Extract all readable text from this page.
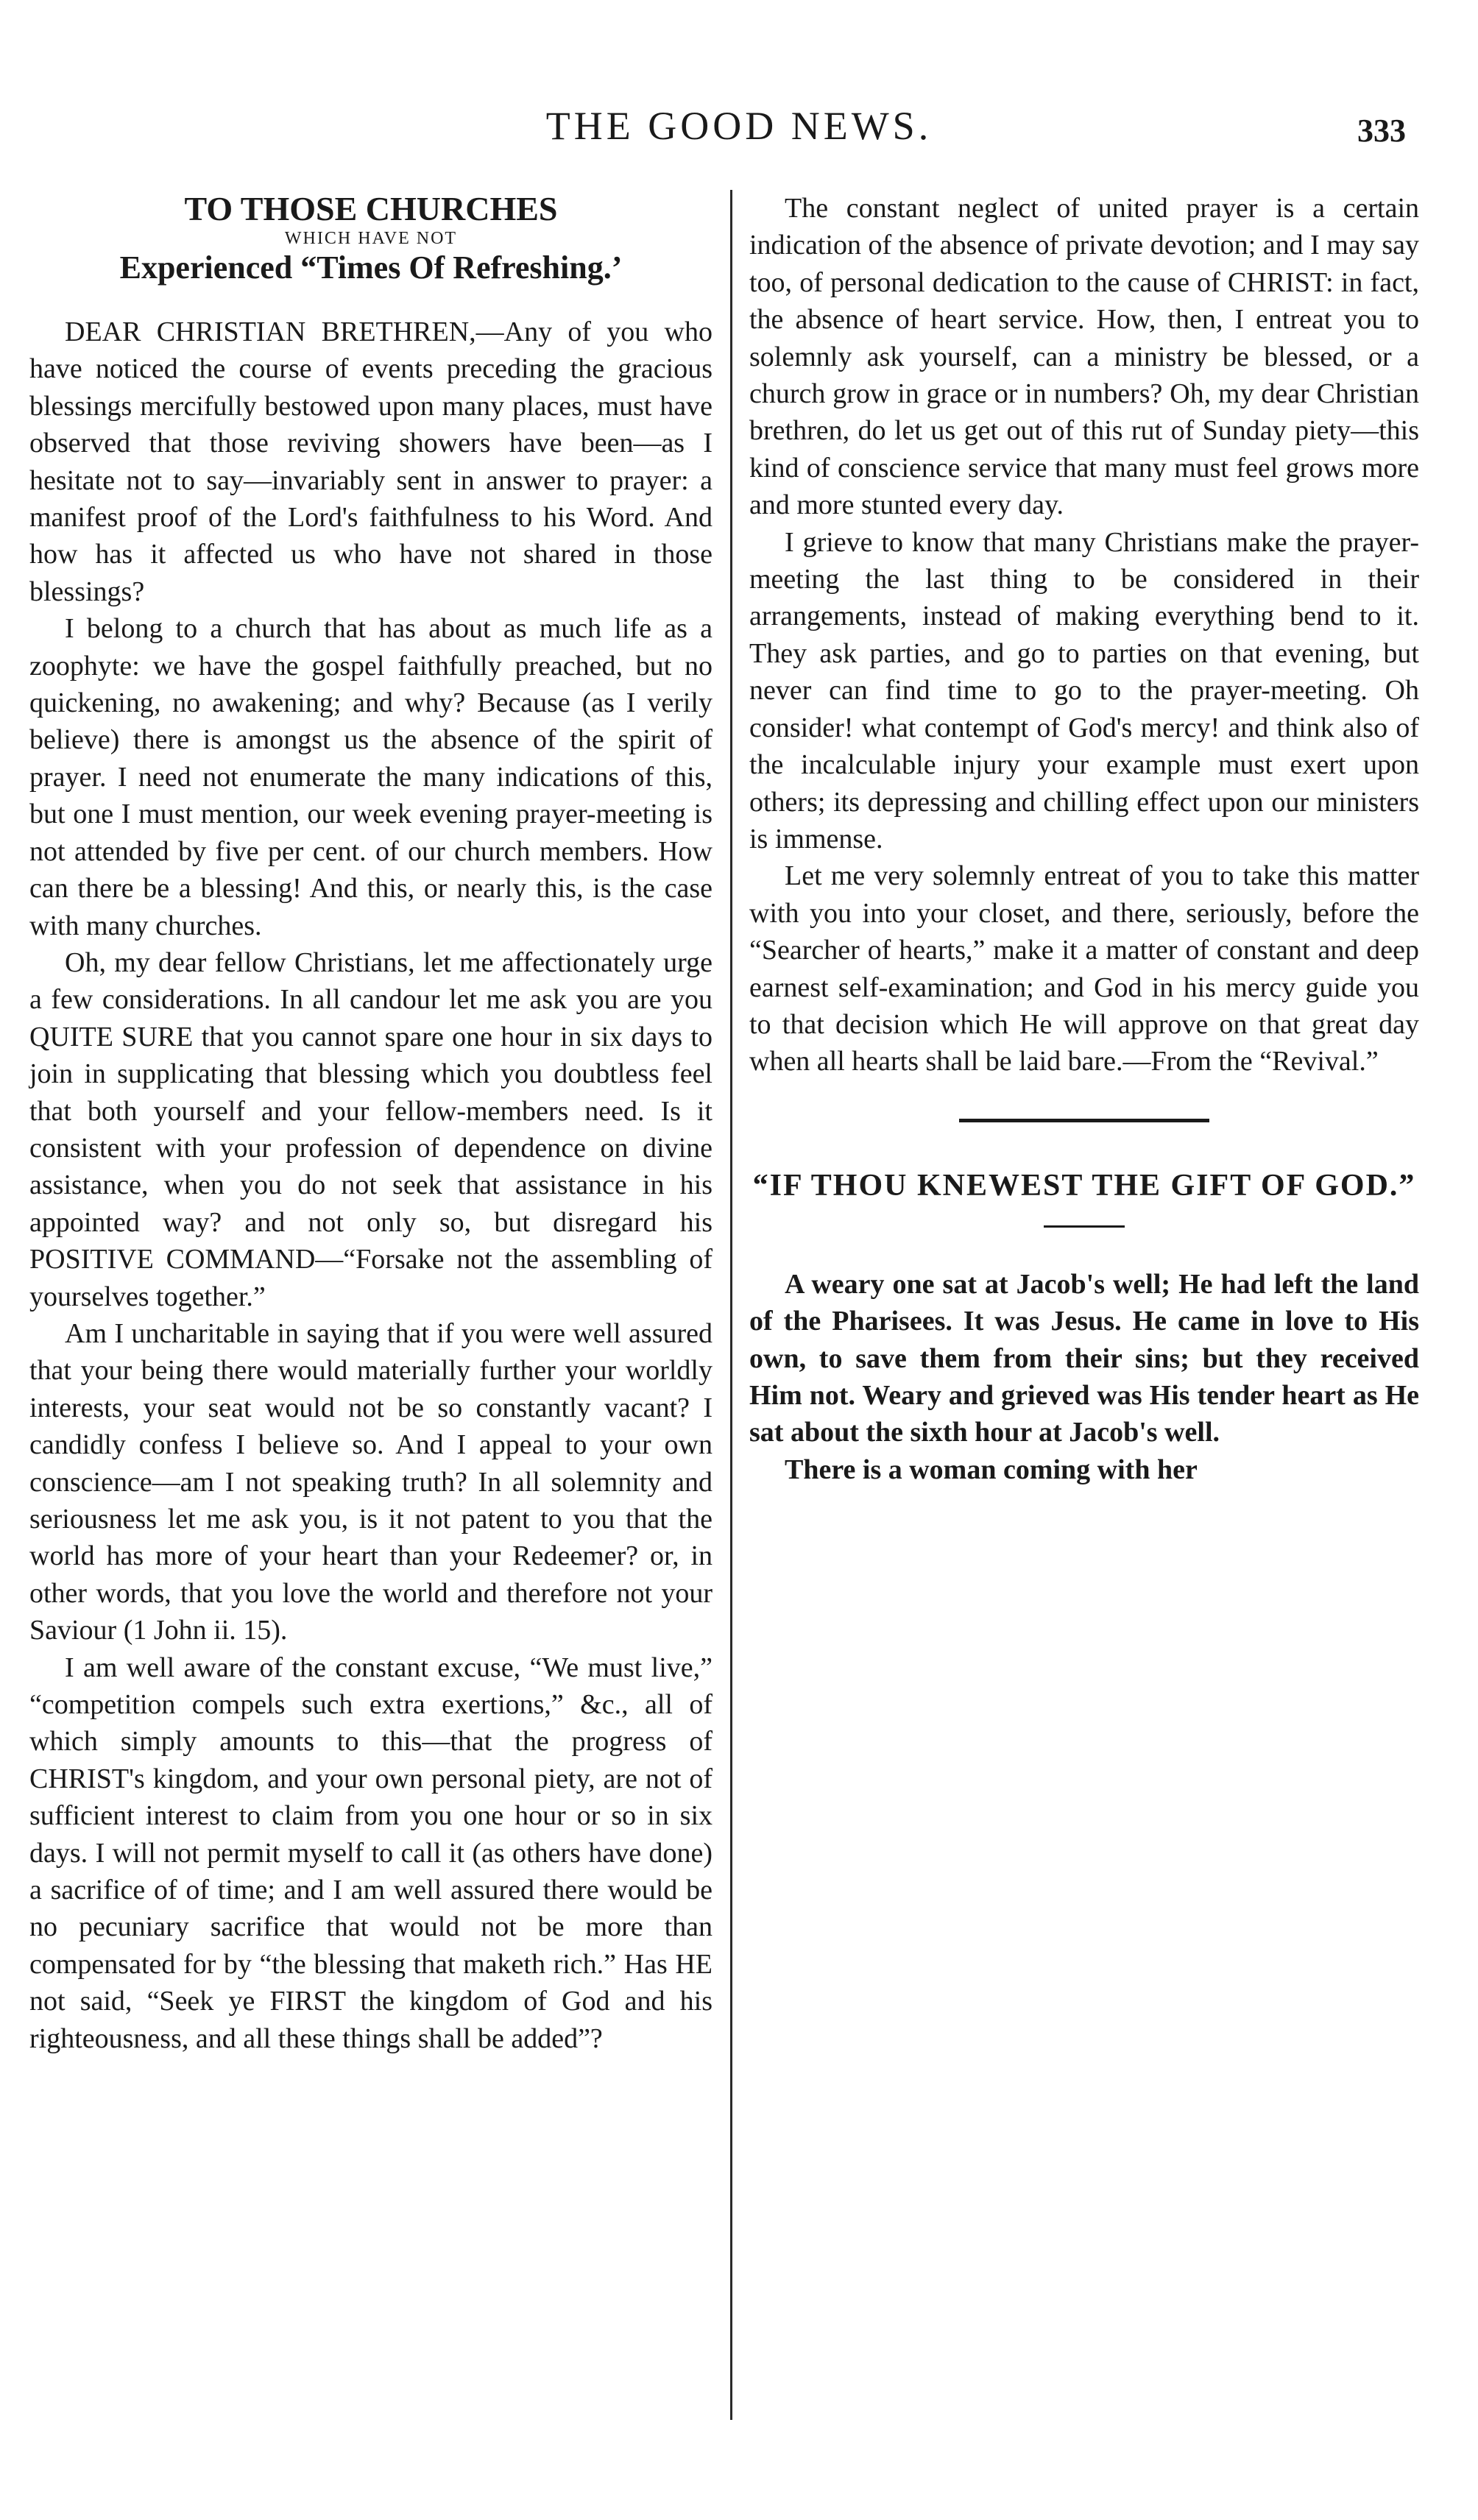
THE GOOD NEWS.	333
TO THOSE CHURCHES
WHICH HAVE NOT
Experienced “Times Of Refreshing.’

DEAR CHRISTIAN BRETHREN,—Any of you who have noticed the course of events preceding the gracious blessings mercifully bestowed upon many places, must have observed that those reviving showers have been—as I hesitate not to say—invariably sent in answer to prayer: a manifest proof of the Lord's faithfulness to his Word. And how has it affected us who have not shared in those blessings?

I belong to a church that has about as much life as a zoophyte: we have the gospel faithfully preached, but no quickening, no awakening; and why? Because (as I verily believe) there is amongst us the absence of the spirit of prayer. I need not enumerate the many indications of this, but one I must mention, our week evening prayer-meeting is not attended by five per cent. of our church members. How can there be a blessing! And this, or nearly this, is the case with many churches.

Oh, my dear fellow Christians, let me affectionately urge a few considerations. In all candour let me ask you are you QUITE SURE that you cannot spare one hour in six days to join in supplicating that blessing which you doubtless feel that both yourself and your fellow-members need. Is it consistent with your profession of dependence on divine assistance, when you do not seek that assistance in his appointed way? and not only so, but disregard his POSITIVE COMMAND—“Forsake not the assembling of yourselves together.”

Am I uncharitable in saying that if you were well assured that your being there would materially further your worldly interests, your seat would not be so constantly vacant? I candidly confess I believe so. And I appeal to your own conscience—am I not speaking truth? In all solemnity and seriousness let me ask you, is it not patent to you that the world has more of your heart than your Redeemer? or, in other words, that you love the world and therefore not your Saviour (1 John ii. 15).

I am well aware of the constant excuse, “We must live,” “competition compels such extra exertions,” &c., all of which simply amounts to this—that the progress of CHRIST's kingdom, and your own personal piety, are not of sufficient interest to claim from you one hour or so in six days. I will not permit myself to call it (as others have done) a sacrifice of of time; and I am well assured there would be no pecuniary sacrifice that would not be more than compensated for by “the blessing that maketh rich.” Has HE not said, “Seek ye FIRST the kingdom of God and his righteousness, and all these things shall be added”?

The constant neglect of united prayer is a certain indication of the absence of private devotion; and I may say too, of personal dedication to the cause of CHRIST: in fact, the absence of heart service. How, then, I entreat you to solemnly ask yourself, can a ministry be blessed, or a church grow in grace or in numbers? Oh, my dear Christian brethren, do let us get out of this rut of Sunday piety—this kind of conscience service that many must feel grows more and more stunted every day.

I grieve to know that many Christians make the prayer-meeting the last thing to be considered in their arrangements, instead of making everything bend to it. They ask parties, and go to parties on that evening, but never can find time to go to the prayer-meeting. Oh consider! what contempt of God's mercy! and think also of the incalculable injury your example must exert upon others; its depressing and chilling effect upon our ministers is immense.

Let me very solemnly entreat of you to take this matter with you into your closet, and there, seriously, before the “Searcher of hearts,” make it a matter of constant and deep earnest self-examination; and God in his mercy guide you to that decision which He will approve on that great day when all hearts shall be laid bare.—From the “Revival.”

“IF THOU KNEWEST THE GIFT OF GOD.”

A weary one sat at Jacob's well; He had left the land of the Pharisees. It was Jesus. He came in love to His own, to save them from their sins; but they received Him not. Weary and grieved was His tender heart as He sat about the sixth hour at Jacob's well.

There is a woman coming with her
